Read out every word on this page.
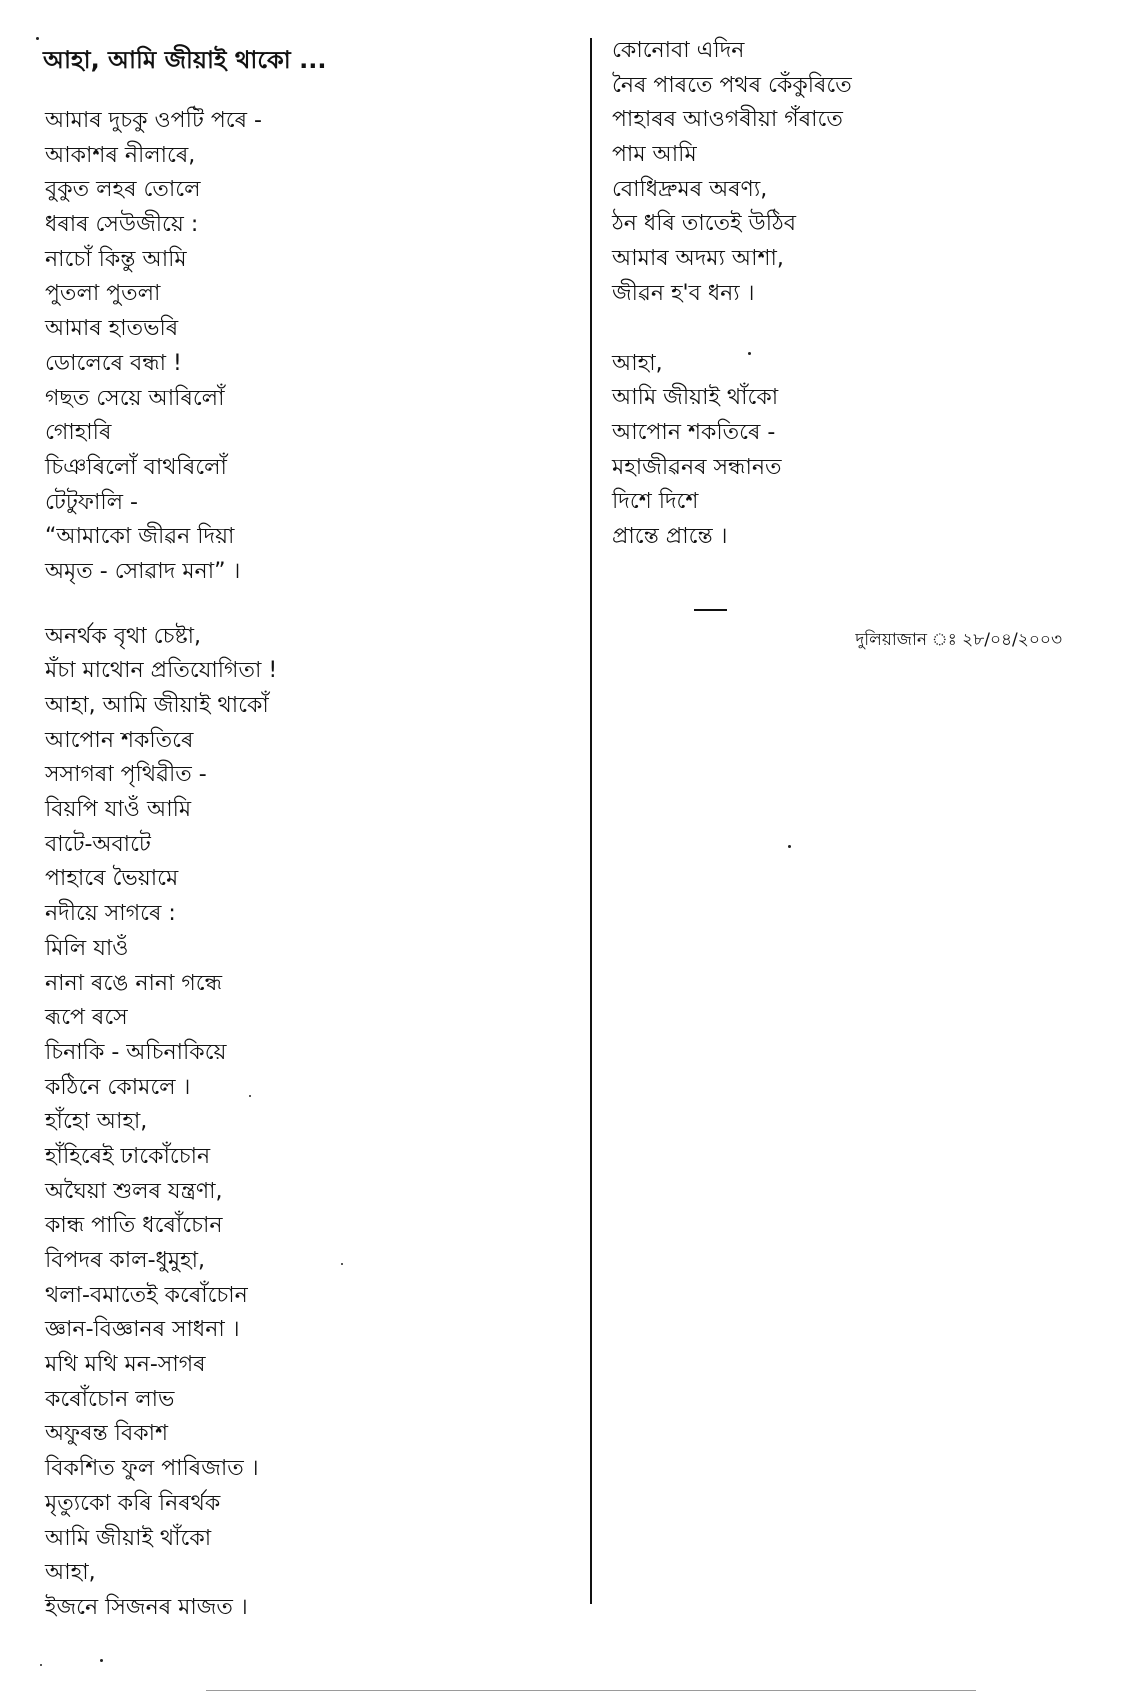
আহা, আমি জীয়াই থাকো ...
আমাৰ দুচকু ওপটি পৰে -
আকাশৰ নীলাৰে,
বুকুত লহৰ তোলে
ধৰাৰ সেউজীয়ে :
নাচোঁ কিন্তু আমি
পুতলা পুতলা
আমাৰ হাতভৰি
ডোলেৰে বন্ধা !
গছত সেয়ে আৰিলোঁ
গোহাৰি
চিঞৰিলোঁ বাথৰিলোঁ
টেটুফালি -
“আমাকো জীৱন দিয়া
অমৃত - সোৱাদ মনা” ।
অনৰ্থক বৃথা চেষ্টা,
মঁচা মাথোন প্ৰতিযোগিতা !
আহা, আমি জীয়াই থাকোঁ
আপোন শকতিৰে
সসাগৰা পৃথিৱীত -
বিয়পি যাওঁ আমি
বাটে-অবাটে
পাহাৰে ভৈয়ামে
নদীয়ে সাগৰে :
মিলি যাওঁ
নানা ৰঙে নানা গন্ধে
ৰূপে ৰসে
চিনাকি - অচিনাকিয়ে
কঠিনে কোমলে ।
হাঁহো আহা,
হাঁহিৰেই ঢাকোঁচোন
অঘৈয়া শুলৰ যন্ত্ৰণা,
কান্ধ পাতি ধৰোঁচোন
বিপদৰ কাল-ধুমুহা,
থলা-বমাতেই কৰোঁচোন
জ্ঞান-বিজ্ঞানৰ সাধনা ।
মথি মথি মন-সাগৰ
কৰোঁচোন লাভ
অফুৰন্ত বিকাশ
বিকশিত ফুল পাৰিজাত ।
মৃত্যুকো কৰি নিৰৰ্থক
আমি জীয়াই থাঁকো
আহা,
ইজনে সিজনৰ মাজত ।
কোনোবা এদিন
নৈৰ পাৰতে পথৰ কেঁকুৰিতে
পাহাৰৰ আওগৰীয়া গঁৰাতে
পাম আমি
বোধিদ্ৰুমৰ অৰণ্য,
ঠন ধৰি তাতেই উঠিব
আমাৰ অদম্য আশা,
জীৱন হ'ব ধন্য ।
আহা,
আমি জীয়াই থাঁকো
আপোন শকতিৰে -
মহাজীৱনৰ সন্ধানত
দিশে দিশে
প্ৰান্তে প্ৰান্তে ।
দুলিয়াজান ঃ ২৮/০৪/২০০৩
